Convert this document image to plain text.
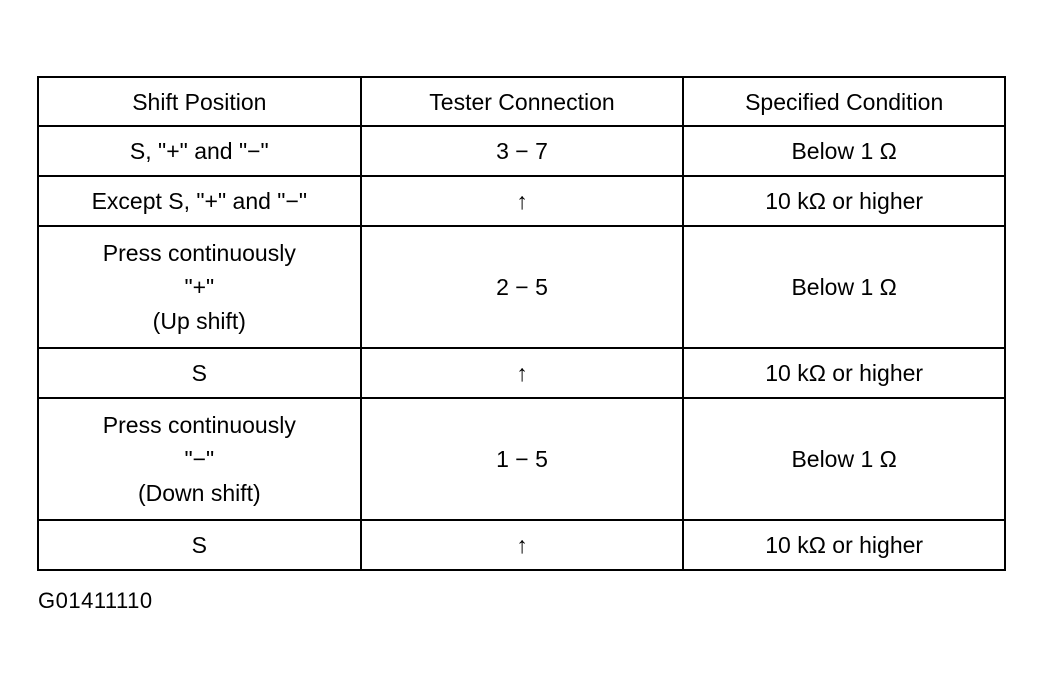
Shift Position	Tester Connection	Specified Condition

S, "+" and "−"	3 − 7	Below 1 Ω

Except S, "+" and "−"	↑	10 kΩ or higher

Press continuously
"+"
(Up shift)	2 − 5	Below 1 Ω

S	↑	10 kΩ or higher

Press continuously
"−"
(Down shift)	1 − 5	Below 1 Ω

S	↑	10 kΩ or higher
G01411110
